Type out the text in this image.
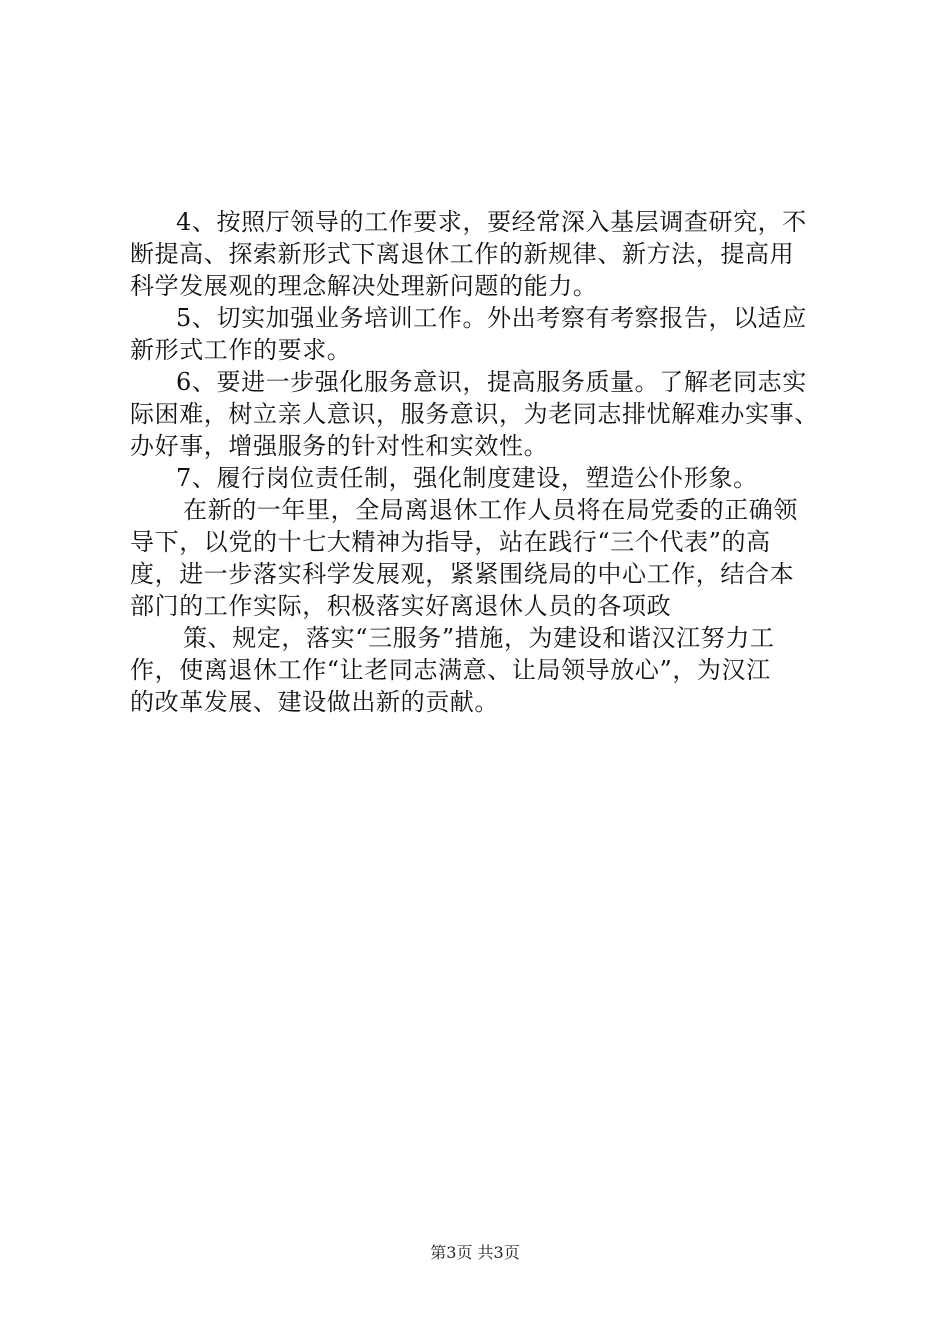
4、按照厅领导的工作要求，要经常深入基层调查研究，不
断提高、探索新形式下离退休工作的新规律、新方法，提高用
科学发展观的理念解决处理新问题的能力。
5、切实加强业务培训工作。外出考察有考察报告，以适应
新形式工作的要求。
6、要进一步强化服务意识，提高服务质量。了解老同志实
际困难，树立亲人意识，服务意识，为老同志排忧解难办实事、
办好事，增强服务的针对性和实效性。
7、履行岗位责任制，强化制度建设，塑造公仆形象。
在新的一年里，全局离退休工作人员将在局党委的正确领
导下，以党的十七大精神为指导，站在践行“三个代表”的高
度，进一步落实科学发展观，紧紧围绕局的中心工作，结合本
部门的工作实际，积极落实好离退休人员的各项政
策、规定，落实“三服务”措施，为建设和谐汉江努力工
作，使离退休工作“让老同志满意、让局领导放心”，为汉江
的改革发展、建设做出新的贡献。
第3页 共3页
